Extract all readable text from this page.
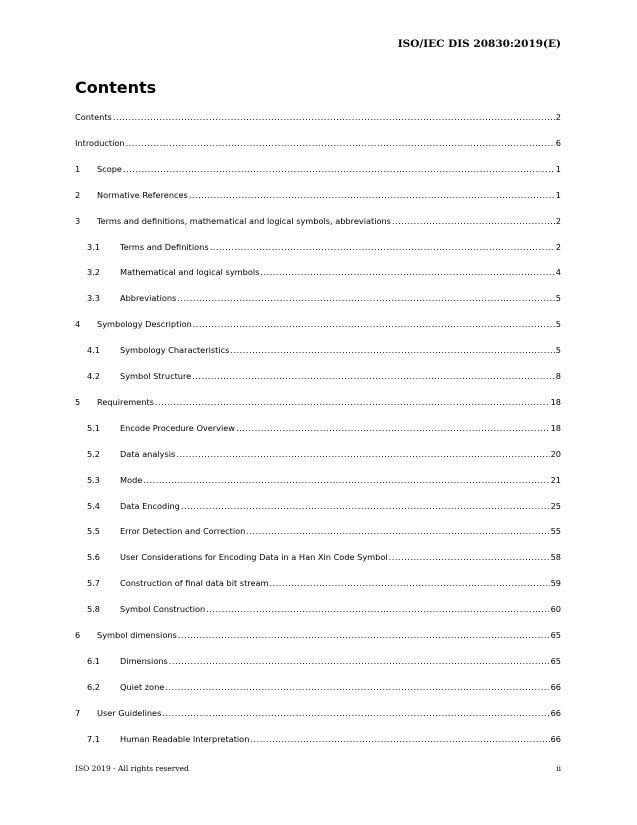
ISO/IEC DIS 20830:2019(E)
Contents
Contents .....	2
Introduction .....	6
1	Scope .....	1
2	Normative References .....	1
3	Terms and definitions, mathematical and logical symbols, abbreviations .....	2
3.1	Terms and Definitions .....	2
3.2	Mathematical and logical symbols .....	4
3.3	Abbreviations .....	5
4	Symbology Description .....	5
4.1	Symbology Characteristics .....	5
4.2	Symbol Structure .....	8
5	Requirements .....	18
5.1	Encode Procedure Overview .....	18
5.2	Data analysis .....	20
5.3	Mode .....	21
5.4	Data Encoding .....	25
5.5	Error Detection and Correction .....	55
5.6	User Considerations for Encoding Data in a Han Xin Code Symbol .....	58
5.7	Construction of final data bit stream .....	59
5.8	Symbol Construction .....	60
6	Symbol dimensions .....	65
6.1	Dimensions .....	65
6.2	Quiet zone .....	66
7	User Guidelines .....	66
7.1	Human Readable Interpretation .....	66
ISO 2019 - All rights reserved	ii
